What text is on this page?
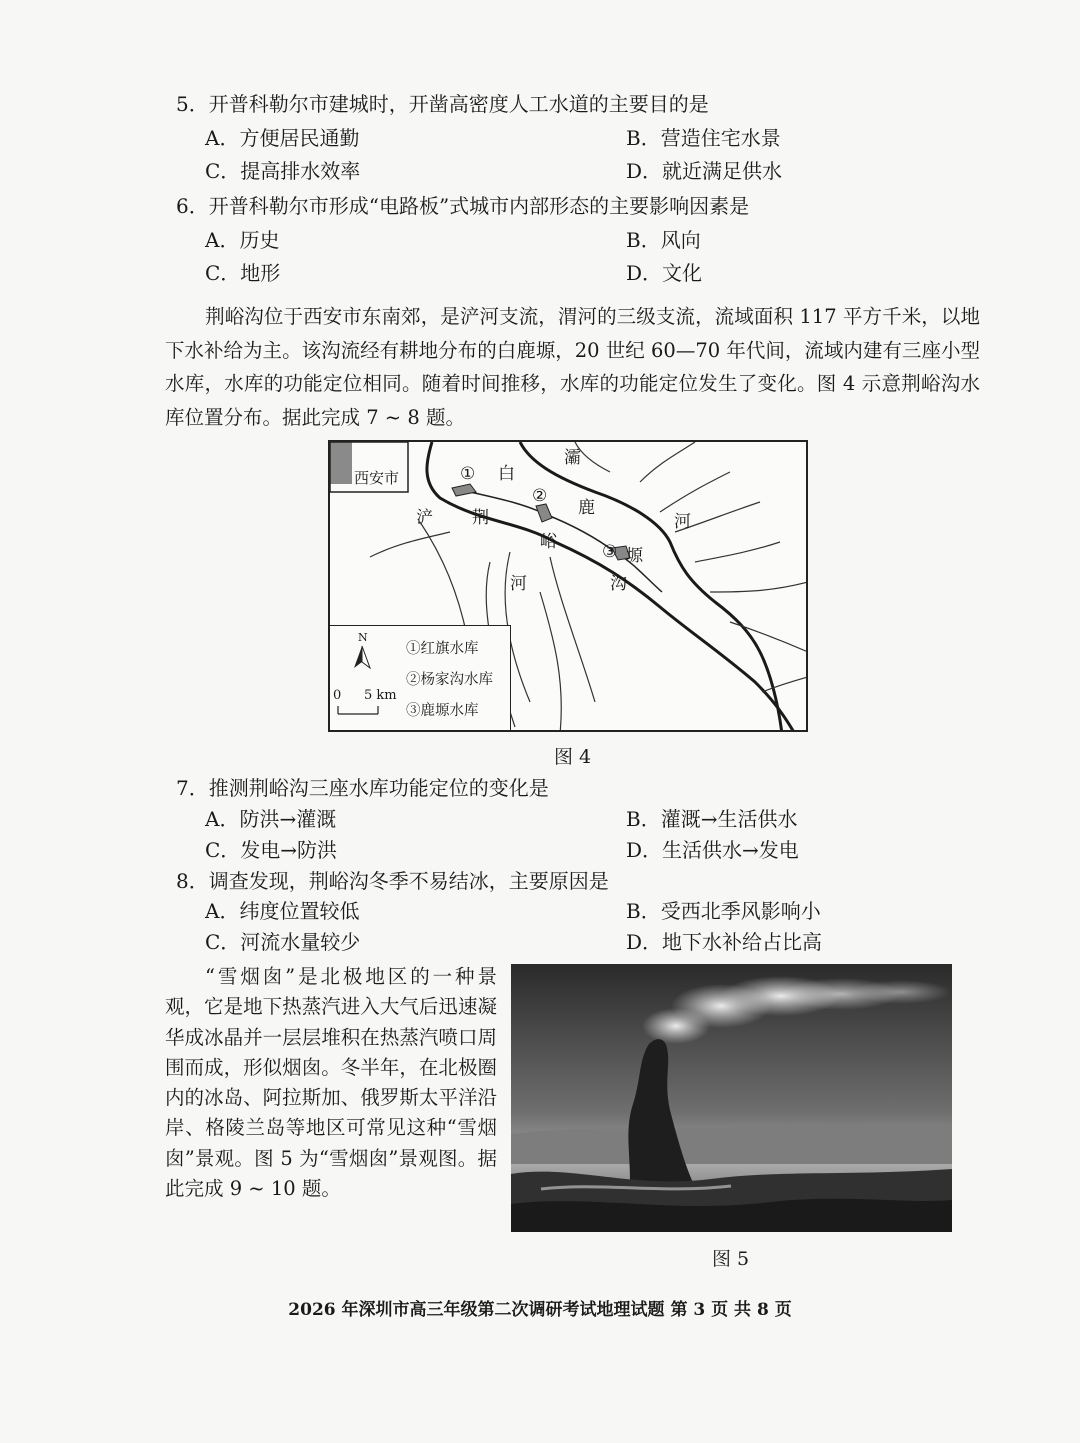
5．开普科勒尔市建城时，开凿高密度人工水道的主要目的是
A．方便居民通勤	B．营造住宅水景
C．提高排水效率	D．就近满足供水
6．开普科勒尔市形成“电路板”式城市内部形态的主要影响因素是
A．历史	B．风向
C．地形	D．文化
荆峪沟位于西安市东南郊，是浐河支流，渭河的三级支流，流域面积 117 平方千米，以地下水补给为主。该沟流经有耕地分布的白鹿塬，20 世纪 60—70 年代间，流域内建有三座小型水库，水库的功能定位相同。随着时间推移，水库的功能定位发生了变化。图 4 示意荆峪沟水库位置分布。据此完成 7 ~ 8 题。
西安市	① 白
灞
②
鹿
河
浐 荆
峪	③ 塬
河	沟
N
0 5 km
①红旗水库
②杨家沟水库
③鹿塬水库
图 4
7．推测荆峪沟三座水库功能定位的变化是
A．防洪→灌溉	B．灌溉→生活供水
C．发电→防洪	D．生活供水→发电
8．调查发现，荆峪沟冬季不易结冰，主要原因是
A．纬度位置较低	B．受西北季风影响小
C．河流水量较少	D．地下水补给占比高
“雪烟囱”是北极地区的一种景观，它是地下热蒸汽进入大气后迅速凝华成冰晶并一层层堆积在热蒸汽喷口周围而成，形似烟囱。冬半年，在北极圈内的冰岛、阿拉斯加、俄罗斯太平洋沿岸、格陵兰岛等地区可常见这种“雪烟囱”景观。图 5 为“雪烟囱”景观图。据此完成 9 ~ 10 题。
图 5
2026 年深圳市高三年级第二次调研考试地理试题 第 3 页 共 8 页
